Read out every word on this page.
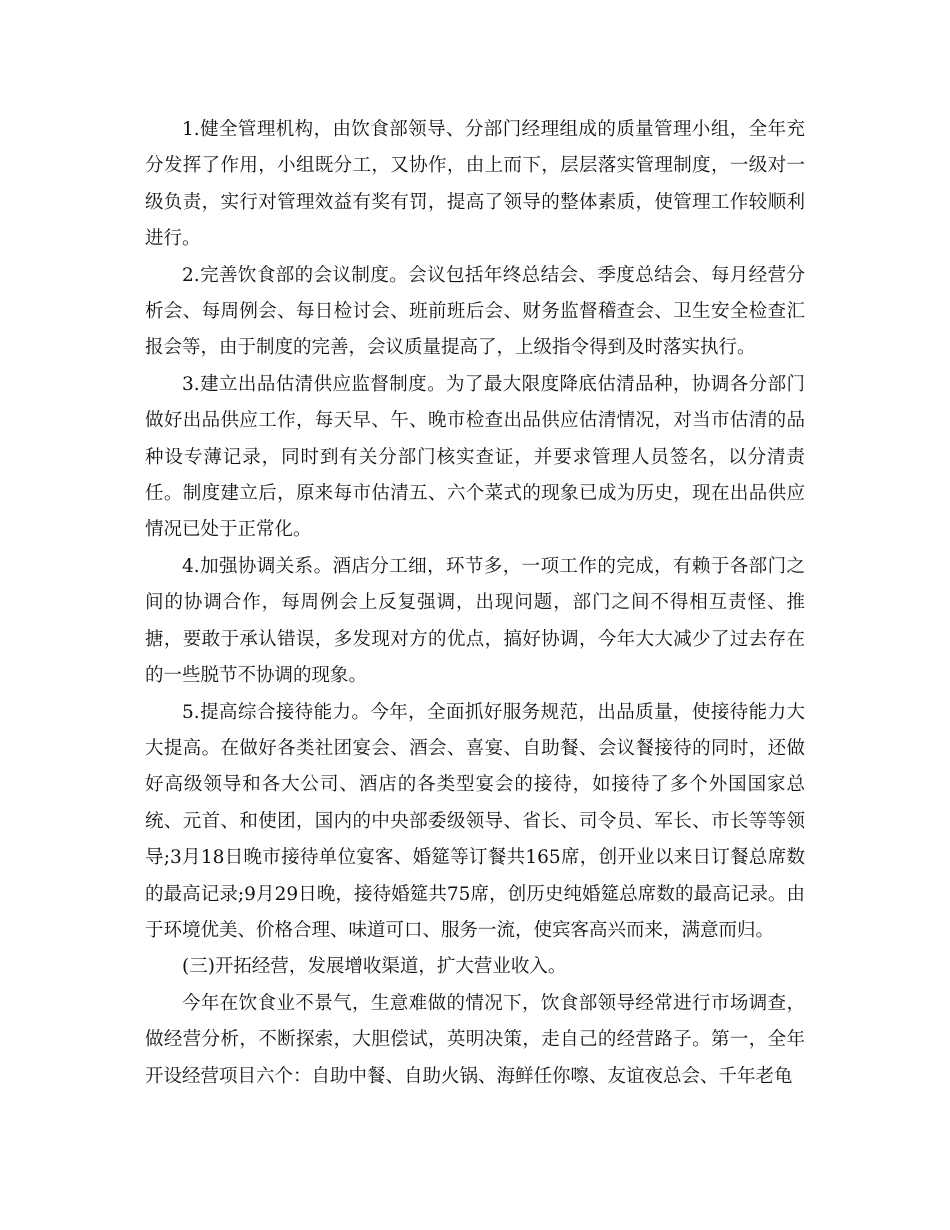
1.健全管理机构，由饮食部领导、分部门经理组成的质量管理小组，全年充分发挥了作用，小组既分工，又协作，由上而下，层层落实管理制度，一级对一级负责，实行对管理效益有奖有罚，提高了领导的整体素质，使管理工作较顺利进行。

2.完善饮食部的会议制度。会议包括年终总结会、季度总结会、每月经营分析会、每周例会、每日检讨会、班前班后会、财务监督稽查会、卫生安全检查汇报会等，由于制度的完善，会议质量提高了，上级指令得到及时落实执行。

3.建立出品估清供应监督制度。为了最大限度降底估清品种，协调各分部门做好出品供应工作，每天早、午、晚市检查出品供应估清情况，对当市估清的品种设专薄记录，同时到有关分部门核实查证，并要求管理人员签名，以分清责任。制度建立后，原来每市估清五、六个菜式的现象已成为历史，现在出品供应情况已处于正常化。

4.加强协调关系。酒店分工细，环节多，一项工作的完成，有赖于各部门之间的协调合作，每周例会上反复强调，出现问题，部门之间不得相互责怪、推搪，要敢于承认错误，多发现对方的优点，搞好协调，今年大大减少了过去存在的一些脱节不协调的现象。

5.提高综合接待能力。今年，全面抓好服务规范，出品质量，使接待能力大大提高。在做好各类社团宴会、酒会、喜宴、自助餐、会议餐接待的同时，还做好高级领导和各大公司、酒店的各类型宴会的接待，如接待了多个外国国家总统、元首、和使团，国内的中央部委级领导、省长、司令员、军长、市长等等领导;3月18日晚市接待单位宴客、婚筵等订餐共165席，创开业以来日订餐总席数的最高记录;9月29日晚，接待婚筵共75席，创历史纯婚筵总席数的最高记录。由于环境优美、价格合理、味道可口、服务一流，使宾客高兴而来，满意而归。

(三)开拓经营，发展增收渠道，扩大营业收入。

今年在饮食业不景气，生意难做的情况下，饮食部领导经常进行市场调查，做经营分析，不断探索，大胆偿试，英明决策，走自己的经营路子。第一，全年开设经营项目六个：自助中餐、自助火锅、海鲜任你嚓、友谊夜总会、千年老龟
